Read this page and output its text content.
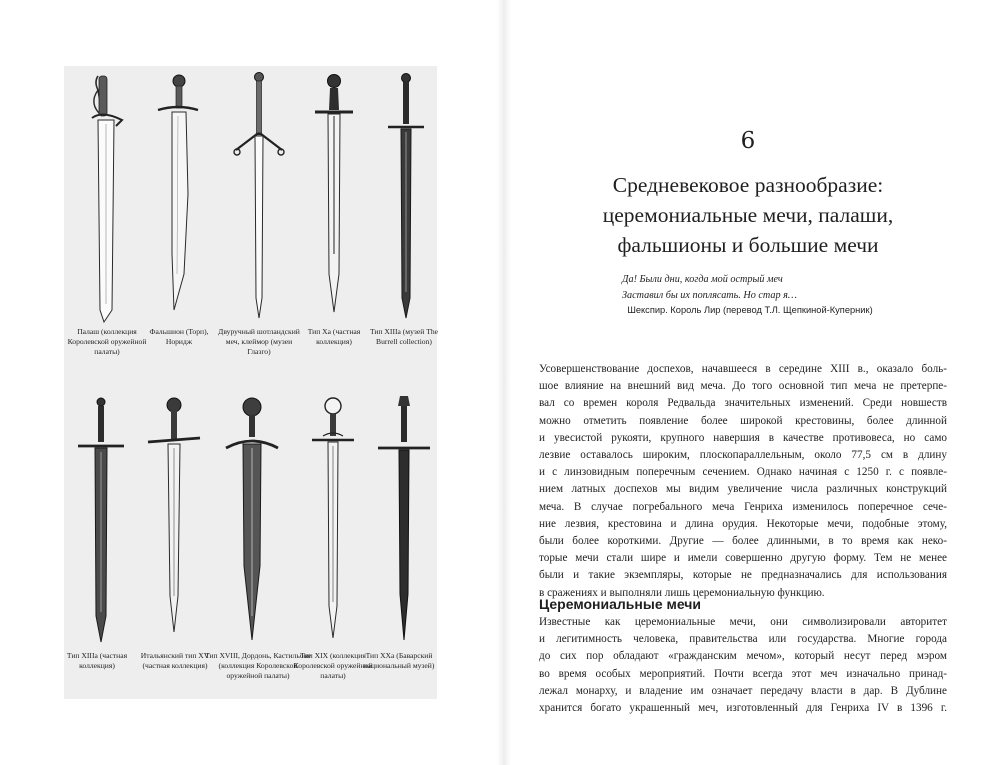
Палаш (коллекция Королевской оружейной палаты)
Фальшион (Торп), Норидж
Двуручный шотландский меч, клеймор (музеи Глазго)
Тип Xa (частная коллекция)
Тип XIIIa (музей The Burrell collection)
Тип XIIIa (частная коллекция)
Итальянский тип XV (частная коллекция)
Тип XVIII, Дордонь, Кастильоне (коллекция Королевской оружейной палаты)
Тип XIX (коллекция Королевской оружейной палаты)
Тип XXa (Баварский национальный музей)
6
Средневековое разнообразие:
церемониальные мечи, палаши,
фальшионы и большие мечи
Да! Были дни, когда мой острый меч
Заставил бы их поплясать. Но стар я…
Шекспир. Король Лир (перевод Т.Л. Щепкиной-Куперник)
Усовершенствование доспехов, начавшееся в середине XIII в., оказало боль-
шое влияние на внешний вид меча. До того основной тип меча не претерпе-
вал со времен короля Редвальда значительных изменений. Среди новшеств
можно отметить появление более широкой крестовины, более длинной
и увесистой рукояти, крупного навершия в качестве противовеса, но само
лезвие оставалось широким, плоскопараллельным, около 77,5 см в длину
и с линзовидным поперечным сечением. Однако начиная с 1250 г. с появле-
нием латных доспехов мы видим увеличение числа различных конструкций
меча. В случае погребального меча Генриха изменилось поперечное сече-
ние лезвия, крестовина и длина орудия. Некоторые мечи, подобные этому,
были более короткими. Другие — более длинными, в то время как неко-
торые мечи стали шире и имели совершенно другую форму. Тем не менее
были и такие экземпляры, которые не предназначались для использования
в сражениях и выполняли лишь церемониальную функцию.
Церемониальные мечи
Известные как церемониальные мечи, они символизировали авторитет
и легитимность человека, правительства или государства. Многие города
до сих пор обладают «гражданским мечом», который несут перед мэром
во время особых мероприятий. Почти всегда этот меч изначально принад-
лежал монарху, и владение им означает передачу власти в дар. В Дублине
хранится богато украшенный меч, изготовленный для Генриха IV в 1396 г.
